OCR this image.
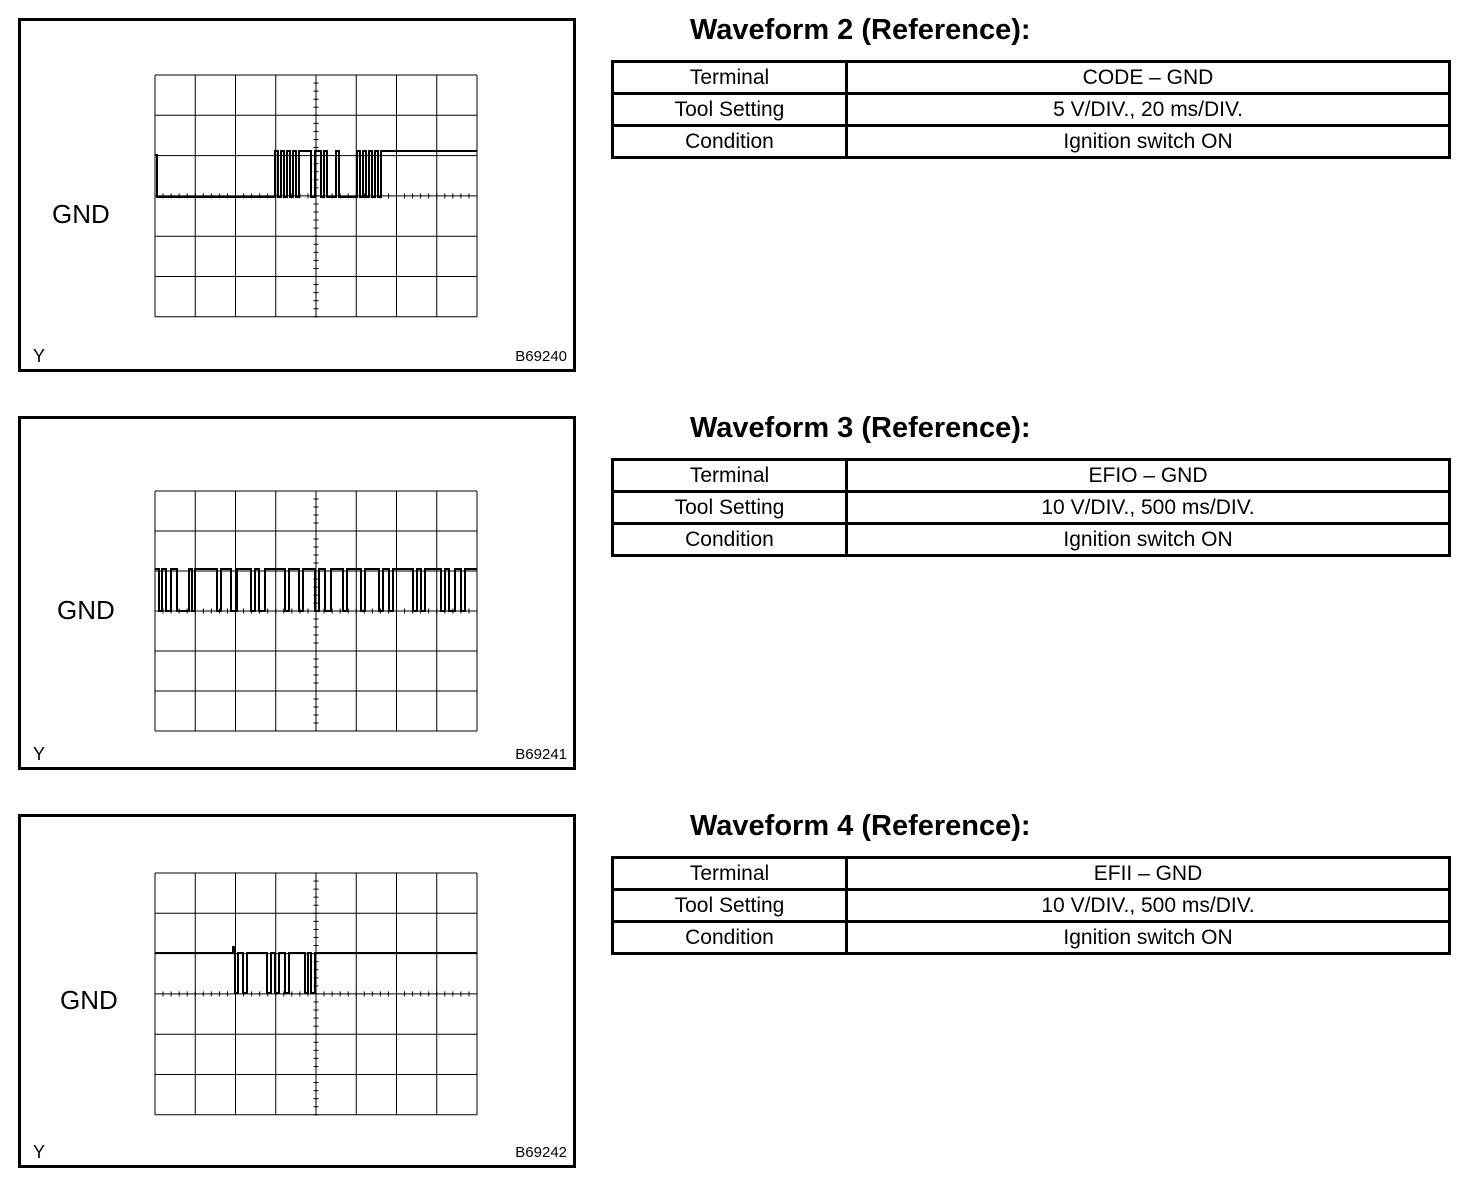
GND
Y	B69240
Waveform 2 (Reference):
Terminal	CODE – GND
Tool Setting	5 V/DIV., 20 ms/DIV.
Condition	Ignition switch ON
GND
Y	B69241
Waveform 3 (Reference):
Terminal	EFIO – GND
Tool Setting	10 V/DIV., 500 ms/DIV.
Condition	Ignition switch ON
GND
Y	B69242
Waveform 4 (Reference):
Terminal	EFII – GND
Tool Setting	10 V/DIV., 500 ms/DIV.
Condition	Ignition switch ON
